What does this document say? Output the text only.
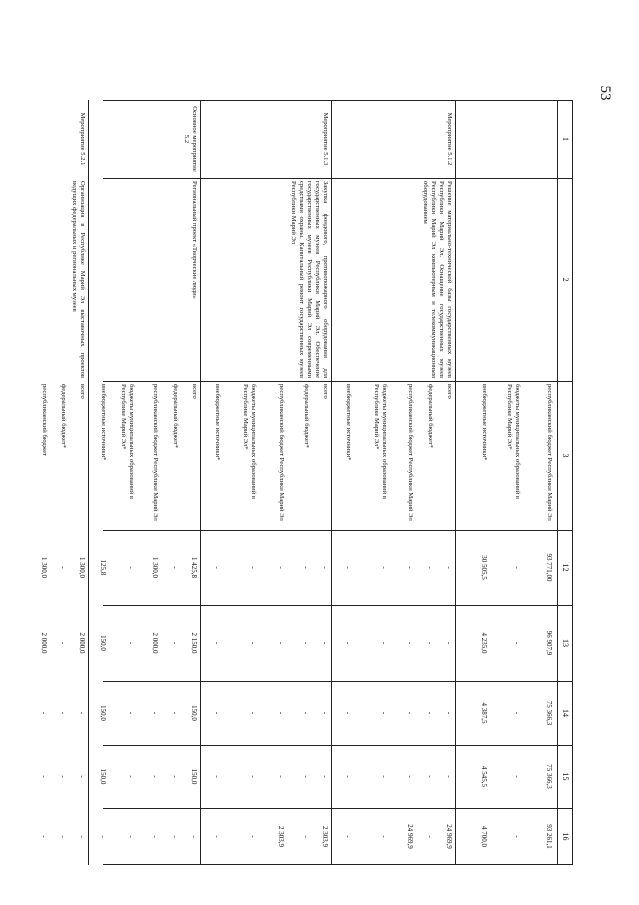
53
1
2
3
12
13
14
15
16
республиканский бюджет Республики Марий Эл
93 771,00
96 907,9
75 366,3
75 366,3
93 261,1
бюджеты муниципальных образований в Республике Марий Эл*
-
-
-
-
-
внебюджетные источники*
30 505,5
4 235,0
4 387,5
4 545,5
4 700,0
Мероприятие 5.1.2
Решение материально-технической базы государственных музеев Республики Марий Эл. Оснащение государственных музеев Республики Марий Эл компьютерным и телекоммуникационным оборудованием
всего
-
-
-
-
24 969,9
федеральный бюджет*
-
-
-
-
-
республиканский бюджет Республики Марий Эл
-
-
-
-
24 969,9
бюджеты муниципальных образований в Республике Марий Эл*
-
-
-
-
-
внебюджетные источники*
-
-
-
-
-
Мероприятие 5.1.3
Закупка фондового, противопожарного оборудования для государственных музеев Республики Марий Эл. Обеспечение государственных музеев Республики Марий Эл современными средствами охраны. Капитальный ремонт государственных музеев Республики Марий Эл
всего
-
-
-
-
2 303,9
федеральный бюджет*
-
-
-
-
-
республиканский бюджет Республики Марий Эл
-
-
-
-
2 303,9
бюджеты муниципальных образований в Республике Марий Эл*
-
-
-
-
-
внебюджетные источники*
-
-
-
-
-
Основное мероприятие 5.2
Региональный проект «Творческие люди»
всего
1 425,8
2 150,0
150,0
150,0
-
федеральный бюджет*
-
-
-
-
-
республиканский бюджет Республики Марий Эл
1 300,0
2 000,0
-
-
-
бюджеты муниципальных образований в Республике Марий Эл*
-
-
-
-
-
внебюджетные источники*
125,8
150,0
150,0
150,0
-
Мероприятие 5.2.1
Организация в Республике Марий Эл выставочных проектов ведущих федеральных и региональных музеев
всего
1 300,0
2 000,0
-
-
-
федеральный бюджет*
-
-
-
-
-
республиканский бюджет
1 300,0
2 000,0
-
-
-
